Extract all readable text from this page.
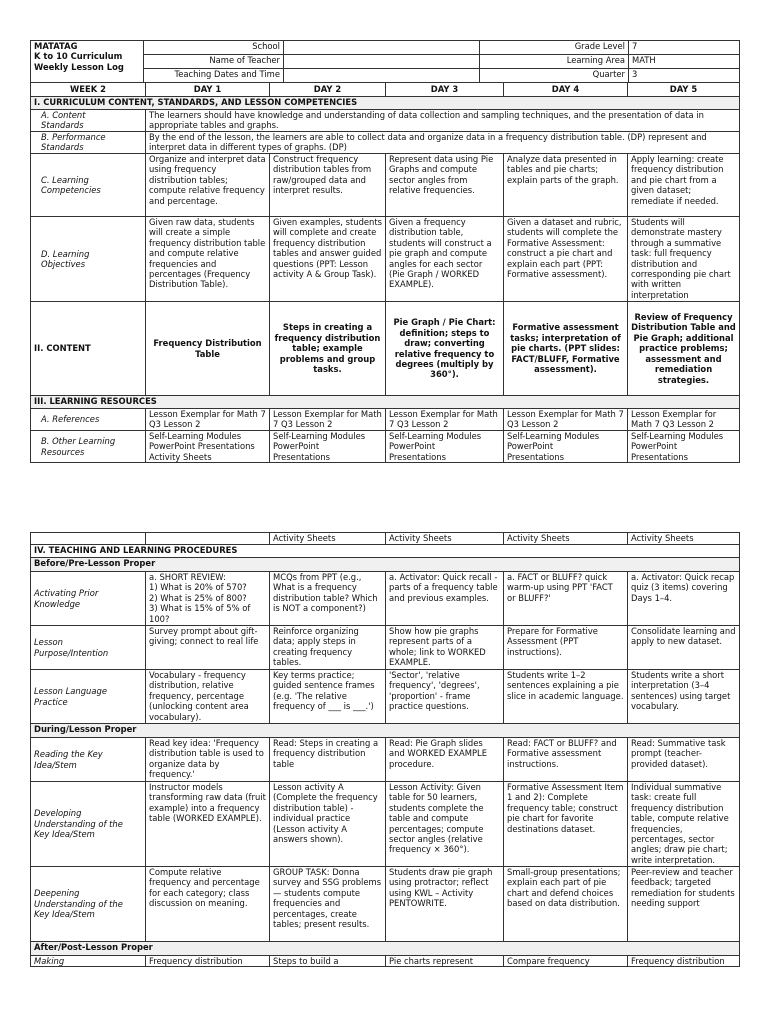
MATATAG
K to 10 Curriculum
Weekly Lesson Log	School		Grade Level	7
	Name of Teacher		Learning Area	MATH
	Teaching Dates and Time		Quarter	3
WEEK 2	DAY 1	DAY 2	DAY 3	DAY 4	DAY 5
I. CURRICULUM CONTENT, STANDARDS, AND LESSON COMPETENCIES					
A. Content
Standards	The learners should have knowledge and understanding of data collection and sampling techniques, and the presentation of data in appropriate tables and graphs.				
B. Performance
Standards	By the end of the lesson, the learners are able to collect data and organize data in a frequency distribution table. (DP) represent and interpret data in different types of graphs. (DP)				
C. Learning
Competencies	Organize and interpret data using frequency distribution tables; compute relative frequency and percentage.	Construct frequency distribution tables from raw/grouped data and interpret results.	Represent data using Pie Graphs and compute sector angles from relative frequencies.	Analyze data presented in tables and pie charts; explain parts of the graph.	Apply learning: create frequency distribution and pie chart from a given dataset; remediate if needed.
D. Learning
Objectives	Given raw data, students will create a simple frequency distribution table and compute relative frequencies and percentages (Frequency Distribution Table).	Given examples, students will complete and create frequency distribution tables and answer guided questions (PPT: Lesson activity A & Group Task).	Given a frequency distribution table, students will construct a pie graph and compute angles for each sector (Pie Graph / WORKED EXAMPLE).	Given a dataset and rubric, students will complete the Formative Assessment: construct a pie chart and explain each part (PPT: Formative assessment).	Students will demonstrate mastery through a summative task: full frequency distribution and corresponding pie chart with written interpretation
II. CONTENT	Frequency Distribution Table	Steps in creating a frequency distribution table; example problems and group tasks.	Pie Graph / Pie Chart: definition; steps to draw; converting relative frequency to degrees (multiply by 360°).	Formative assessment tasks; interpretation of pie charts. (PPT slides: FACT/BLUFF, Formative assessment).	Review of Frequency Distribution Table and Pie Graph; additional practice problems; assessment and remediation strategies.
III. LEARNING RESOURCES					
A. References	Lesson Exemplar for Math 7 Q3 Lesson 2	Lesson Exemplar for Math 7 Q3 Lesson 2	Lesson Exemplar for Math 7 Q3 Lesson 2	Lesson Exemplar for Math 7 Q3 Lesson 2	Lesson Exemplar for Math 7 Q3 Lesson 2
B. Other Learning
Resources	Self-Learning Modules
PowerPoint Presentations
Activity Sheets	Self-Learning Modules
PowerPoint
Presentations	Self-Learning Modules
PowerPoint
Presentations	Self-Learning Modules
PowerPoint
Presentations	Self-Learning Modules
PowerPoint
Presentations
		Activity Sheets	Activity Sheets	Activity Sheets	Activity Sheets
IV. TEACHING AND LEARNING PROCEDURES					
Before/Pre-Lesson Proper					
Activating Prior
Knowledge	a. SHORT REVIEW:
1) What is 20% of 570?
2) What is 25% of 800?
3) What is 15% of 5% of 100?	MCQs from PPT (e.g., What is a frequency distribution table? Which is NOT a component?)	a. Activator: Quick recall - parts of a frequency table and previous examples.	a. FACT or BLUFF? quick warm-up using PPT 'FACT or BLUFF?'	a. Activator: Quick recap quiz (3 items) covering Days 1–4.
Lesson
Purpose/Intention	Survey prompt about gift-giving; connect to real life	Reinforce organizing data; apply steps in creating frequency tables.	Show how pie graphs represent parts of a whole; link to WORKED EXAMPLE.	Prepare for Formative Assessment (PPT instructions).	Consolidate learning and apply to new dataset.
Lesson Language
Practice	Vocabulary - frequency distribution, relative frequency, percentage (unlocking content area vocabulary).	Key terms practice; guided sentence frames (e.g. 'The relative frequency of ___ is ___.')	'Sector', 'relative frequency', 'degrees', 'proportion' - frame practice questions.	Students write 1–2 sentences explaining a pie slice in academic language.	Students write a short interpretation (3–4 sentences) using target vocabulary.
During/Lesson Proper					
Reading the Key
Idea/Stem	Read key idea: 'Frequency distribution table is used to organize data by frequency.'	Read: Steps in creating a frequency distribution table	Read: Pie Graph slides and WORKED EXAMPLE procedure.	Read: FACT or BLUFF? and Formative assessment instructions.	Read: Summative task prompt (teacher-provided dataset).
Developing
Understanding of the
Key Idea/Stem	Instructor models transforming raw data (fruit example) into a frequency table (WORKED EXAMPLE).	Lesson activity A (Complete the frequency distribution table) - individual practice (Lesson activity A answers shown).	Lesson Activity: Given table for 50 learners, students complete the table and compute percentages; compute sector angles (relative frequency × 360°).	Formative Assessment Item 1 and 2): Complete frequency table; construct pie chart for favorite destinations dataset.	Individual summative task: create full frequency distribution table, compute relative frequencies, percentages, sector angles; draw pie chart; write interpretation.
Deepening
Understanding of the
Key Idea/Stem	Compute relative frequency and percentage for each category; class discussion on meaning.	GROUP TASK: Donna survey and SSG problems — students compute frequencies and percentages, create tables; present results.	Students draw pie graph using protractor; reflect using KWL – Activity PENTOWRITE.	Small-group presentations; explain each part of pie chart and defend choices based on data distribution.	Peer-review and teacher feedback; targeted remediation for students needing support
After/Post-Lesson Proper					
Making	Frequency distribution	Steps to build a	Pie charts represent	Compare frequency	Frequency distribution
